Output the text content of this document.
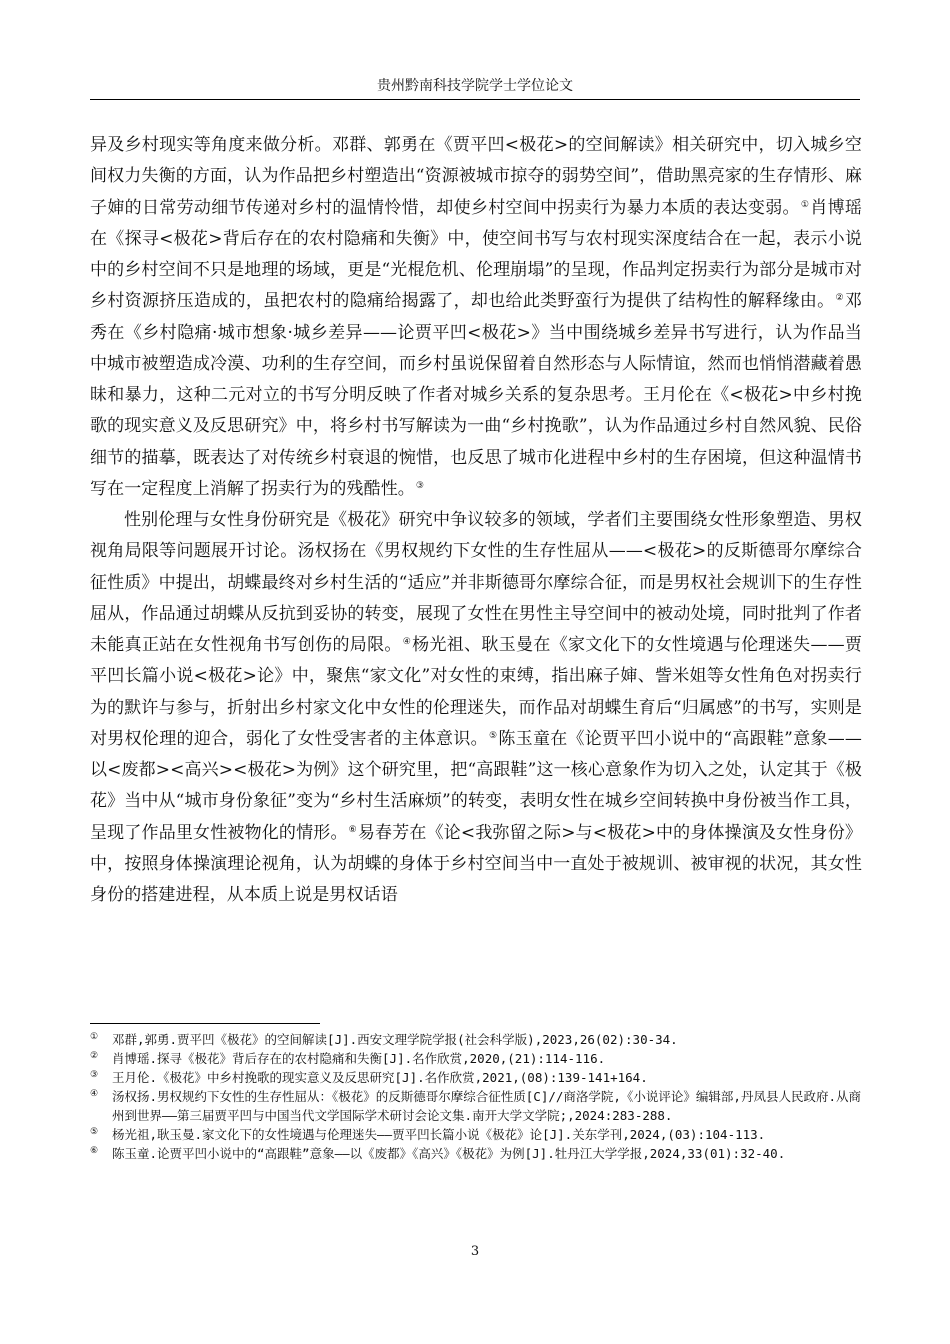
贵州黔南科技学院学士学位论文

异及乡村现实等角度来做分析。邓群、郭勇在《贾平凹<极花>的空间解读》相关研究中，切入城乡空间权力失衡的方面，认为作品把乡村塑造出“资源被城市掠夺的弱势空间”，借助黑亮家的生存情形、麻子婶的日常劳动细节传递对乡村的温情怜惜，却使乡村空间中拐卖行为暴力本质的表达变弱。①肖博瑶在《探寻<极花>背后存在的农村隐痛和失衡》中，使空间书写与农村现实深度结合在一起，表示小说中的乡村空间不只是地理的场域，更是“光棍危机、伦理崩塌”的呈现，作品判定拐卖行为部分是城市对乡村资源挤压造成的，虽把农村的隐痛给揭露了，却也给此类野蛮行为提供了结构性的解释缘由。②邓秀在《乡村隐痛·城市想象·城乡差异——论贾平凹<极花>》当中围绕城乡差异书写进行，认为作品当中城市被塑造成冷漠、功利的生存空间，而乡村虽说保留着自然形态与人际情谊，然而也悄悄潜藏着愚昧和暴力，这种二元对立的书写分明反映了作者对城乡关系的复杂思考。王月伦在《<极花>中乡村挽歌的现实意义及反思研究》中，将乡村书写解读为一曲“乡村挽歌”，认为作品通过乡村自然风貌、民俗细节的描摹，既表达了对传统乡村衰退的惋惜，也反思了城市化进程中乡村的生存困境，但这种温情书写在一定程度上消解了拐卖行为的残酷性。③

性别伦理与女性身份研究是《极花》研究中争议较多的领域，学者们主要围绕女性形象塑造、男权视角局限等问题展开讨论。汤权扬在《男权规约下女性的生存性屈从——<极花>的反斯德哥尔摩综合征性质》中提出，胡蝶最终对乡村生活的“适应”并非斯德哥尔摩综合征，而是男权社会规训下的生存性屈从，作品通过胡蝶从反抗到妥协的转变，展现了女性在男性主导空间中的被动处境，同时批判了作者未能真正站在女性视角书写创伤的局限。④杨光祖、耿玉曼在《家文化下的女性境遇与伦理迷失——贾平凹长篇小说<极花>论》中，聚焦“家文化”对女性的束缚，指出麻子婶、訾米姐等女性角色对拐卖行为的默许与参与，折射出乡村家文化中女性的伦理迷失，而作品对胡蝶生育后“归属感”的书写，实则是对男权伦理的迎合，弱化了女性受害者的主体意识。⑤陈玉童在《论贾平凹小说中的“高跟鞋”意象——以<废都><高兴><极花>为例》这个研究里，把“高跟鞋”这一核心意象作为切入之处，认定其于《极花》当中从“城市身份象征”变为“乡村生活麻烦”的转变，表明女性在城乡空间转换中身份被当作工具，呈现了作品里女性被物化的情形。⑥易春芳在《论<我弥留之际>与<极花>中的身体操演及女性身份》中，按照身体操演理论视角，认为胡蝶的身体于乡村空间当中一直处于被规训、被审视的状况，其女性身份的搭建进程，从本质上说是男权话语

①	邓群,郭勇.贾平凹《极花》的空间解读[J].西安文理学院学报(社会科学版),2023,26(02):30-34.
②	肖博瑶.探寻《极花》背后存在的农村隐痛和失衡[J].名作欣赏,2020,(21):114-116.
③	王月伦.《极花》中乡村挽歌的现实意义及反思研究[J].名作欣赏,2021,(08):139-141+164.
④	汤权扬.男权规约下女性的生存性屈从：《极花》的反斯德哥尔摩综合征性质[C]//商洛学院,《小说评论》编辑部,丹凤县人民政府.从商州到世界——第三届贾平凹与中国当代文学国际学术研讨会论文集.南开大学文学院;,2024:283-288.
⑤	杨光祖,耿玉曼.家文化下的女性境遇与伦理迷失——贾平凹长篇小说《极花》论[J].关东学刊,2024,(03):104-113.
⑥	陈玉童.论贾平凹小说中的“高跟鞋”意象——以《废都》《高兴》《极花》为例[J].牡丹江大学学报,2024,33(01):32-40.
3
